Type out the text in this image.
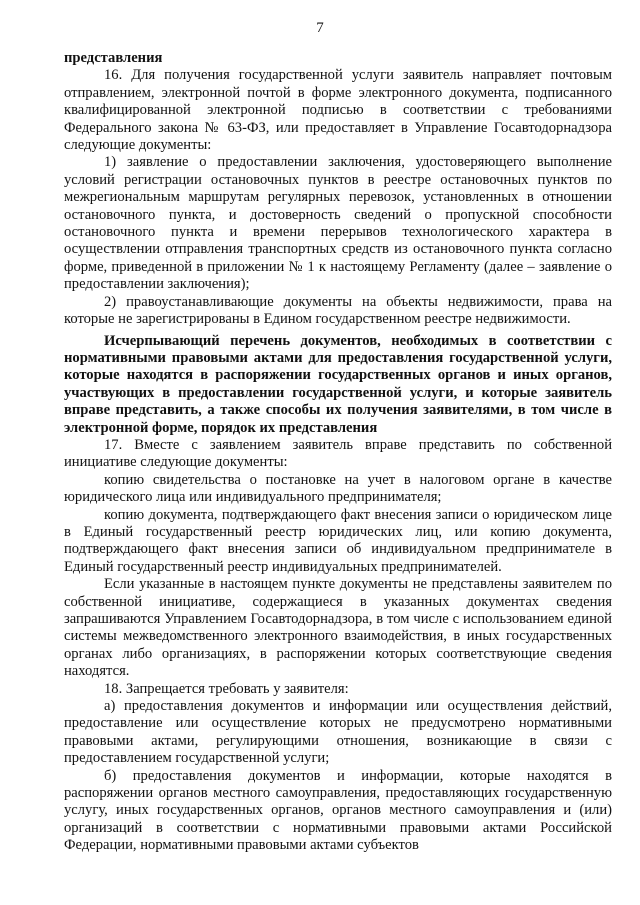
7

представления

16. Для получения государственной услуги заявитель направляет почтовым отправлением, электронной почтой в форме электронного документа, подписанного квалифицированной электронной подписью в соответствии с требованиями Федерального закона № 63-ФЗ, или предоставляет в Управление Госавтодорнадзора следующие документы:

1) заявление о предоставлении заключения, удостоверяющего выполнение условий регистрации остановочных пунктов в реестре остановочных пунктов по межрегиональным маршрутам регулярных перевозок, установленных в отношении остановочного пункта, и достоверность сведений о пропускной способности остановочного пункта и времени перерывов технологического характера в осуществлении отправления транспортных средств из остановочного пункта согласно форме, приведенной в приложении № 1 к настоящему Регламенту (далее – заявление о предоставлении заключения);

2) правоустанавливающие документы на объекты недвижимости, права на которые не зарегистрированы в Едином государственном реестре недвижимости.

Исчерпывающий перечень документов, необходимых в соответствии с нормативными правовыми актами для предоставления государственной услуги, которые находятся в распоряжении государственных органов и иных органов, участвующих в предоставлении государственной услуги, и которые заявитель вправе представить, а также способы их получения заявителями, в том числе в электронной форме, порядок их представления

17. Вместе с заявлением заявитель вправе представить по собственной инициативе следующие документы:

копию свидетельства о постановке на учет в налоговом органе в качестве юридического лица или индивидуального предпринимателя;

копию документа, подтверждающего факт внесения записи о юридическом лице в Единый государственный реестр юридических лиц, или копию документа, подтверждающего факт внесения записи об индивидуальном предпринимателе в Единый государственный реестр индивидуальных предпринимателей.

Если указанные в настоящем пункте документы не представлены заявителем по собственной инициативе, содержащиеся в указанных документах сведения запрашиваются Управлением Госавтодорнадзора, в том числе с использованием единой системы межведомственного электронного взаимодействия, в иных государственных органах либо организациях, в распоряжении которых соответствующие сведения находятся.

18. Запрещается требовать у заявителя:

а) предоставления документов и информации или осуществления действий, предоставление или осуществление которых не предусмотрено нормативными правовыми актами, регулирующими отношения, возникающие в связи с предоставлением государственной услуги;

б) предоставления документов и информации, которые находятся в распоряжении органов местного самоуправления, предоставляющих государственную услугу, иных государственных органов, органов местного самоуправления и (или) организаций в соответствии с нормативными правовыми актами Российской Федерации, нормативными правовыми актами субъектов
